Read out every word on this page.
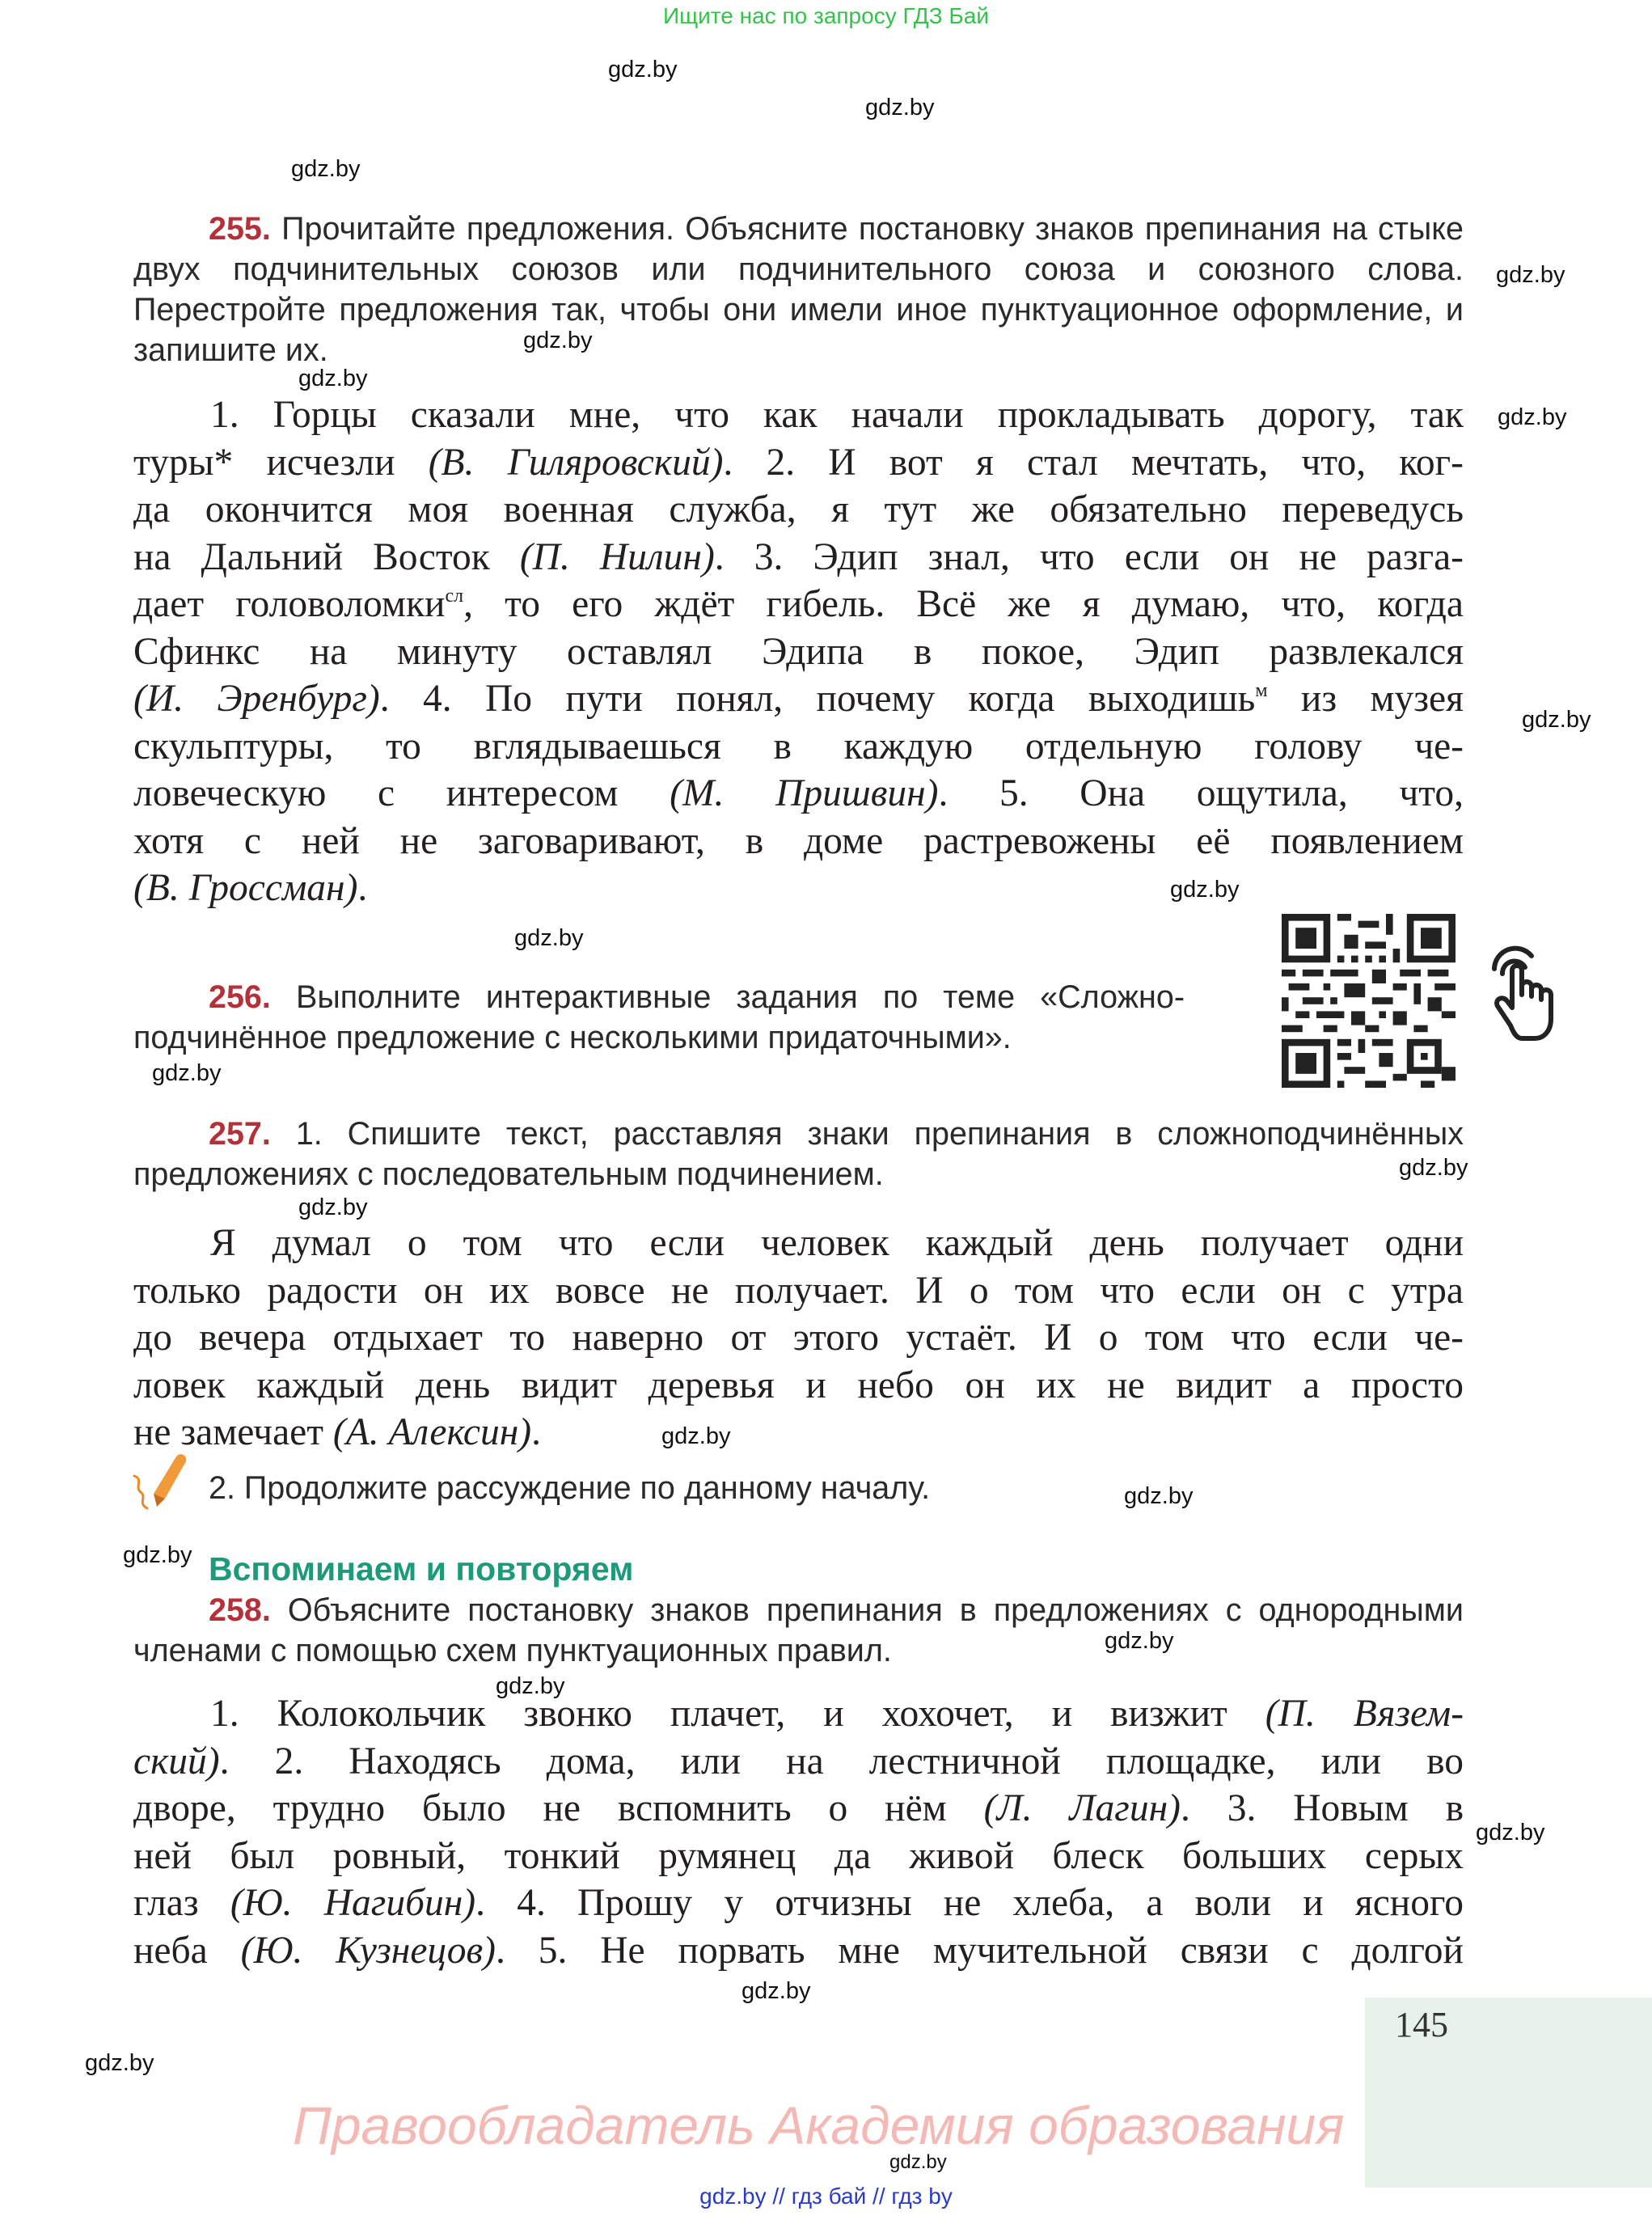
Ищите нас по запросу ГДЗ Бай
gdz.by
gdz.by
gdz.by
gdz.by
gdz.by
gdz.by
gdz.by
gdz.by
gdz.by
gdz.by
gdz.by
gdz.by
gdz.by
gdz.by
gdz.by
gdz.by
gdz.by
gdz.by
gdz.by
gdz.by
gdz.by
gdz.by
255. Прочитайте предложения. Объясните постановку знаков препинания на стыке двух подчинительных союзов или подчинительного союза и союзного слова. Перестройте предложения так, чтобы они имели иное пунктуационное оформление, и запишите их.
1. Горцы сказали мне, что как начали прокладывать дорогу, так
туры* исчезли (В. Гиляровский). 2. И вот я стал мечтать, что, ког-
да окончится моя военная служба, я тут же обязательно переведусь
на Дальний Восток (П. Нилин). 3. Эдип знал, что если он не разга-
дает головоломки$^{сл}$, то его ждёт гибель. Всё же я думаю, что, когда
Сфинкс на минуту оставлял Эдипа в покое, Эдип развлекался
(И. Эренбург). 4. По пути понял, почему когда выходишь$^м$ из музея
скульптуры, то вглядываешься в каждую отдельную голову че-
ловеческую с интересом (М. Пришвин). 5. Она ощутила, что,
хотя с ней не заговаривают, в доме растревожены её появлением
(В. Гроссман).
256. Выполните интерактивные задания по теме «Сложно-подчинённое предложение с несколькими придаточными».
257. 1. Спишите текст, расставляя знаки препинания в сложноподчинённых предложениях с последовательным подчинением.
Я думал о том что если человек каждый день получает одни
только радости он их вовсе не получает. И о том что если он с утра
до вечера отдыхает то наверно от этого устаёт. И о том что если че-
ловек каждый день видит деревья и небо он их не видит а просто
не замечает (А. Алексин).
2. Продолжите рассуждение по данному началу.
Вспоминаем и повторяем
258. Объясните постановку знаков препинания в предложениях с однородными членами с помощью схем пунктуационных правил.
1. Колокольчик звонко плачет, и хохочет, и визжит (П. Вязем-
ский). 2. Находясь дома, или на лестничной площадке, или во
дворе, трудно было не вспомнить о нём (Л. Лагин). 3. Новым в
ней был ровный, тонкий румянец да живой блеск больших серых
глаз (Ю. Нагибин). 4. Прошу у отчизны не хлеба, а воли и ясного
неба (Ю. Кузнецов). 5. Не порвать мне мучительной связи с долгой
145
Правообладатель Академия образования
gdz.by // гдз бай // гдз by
